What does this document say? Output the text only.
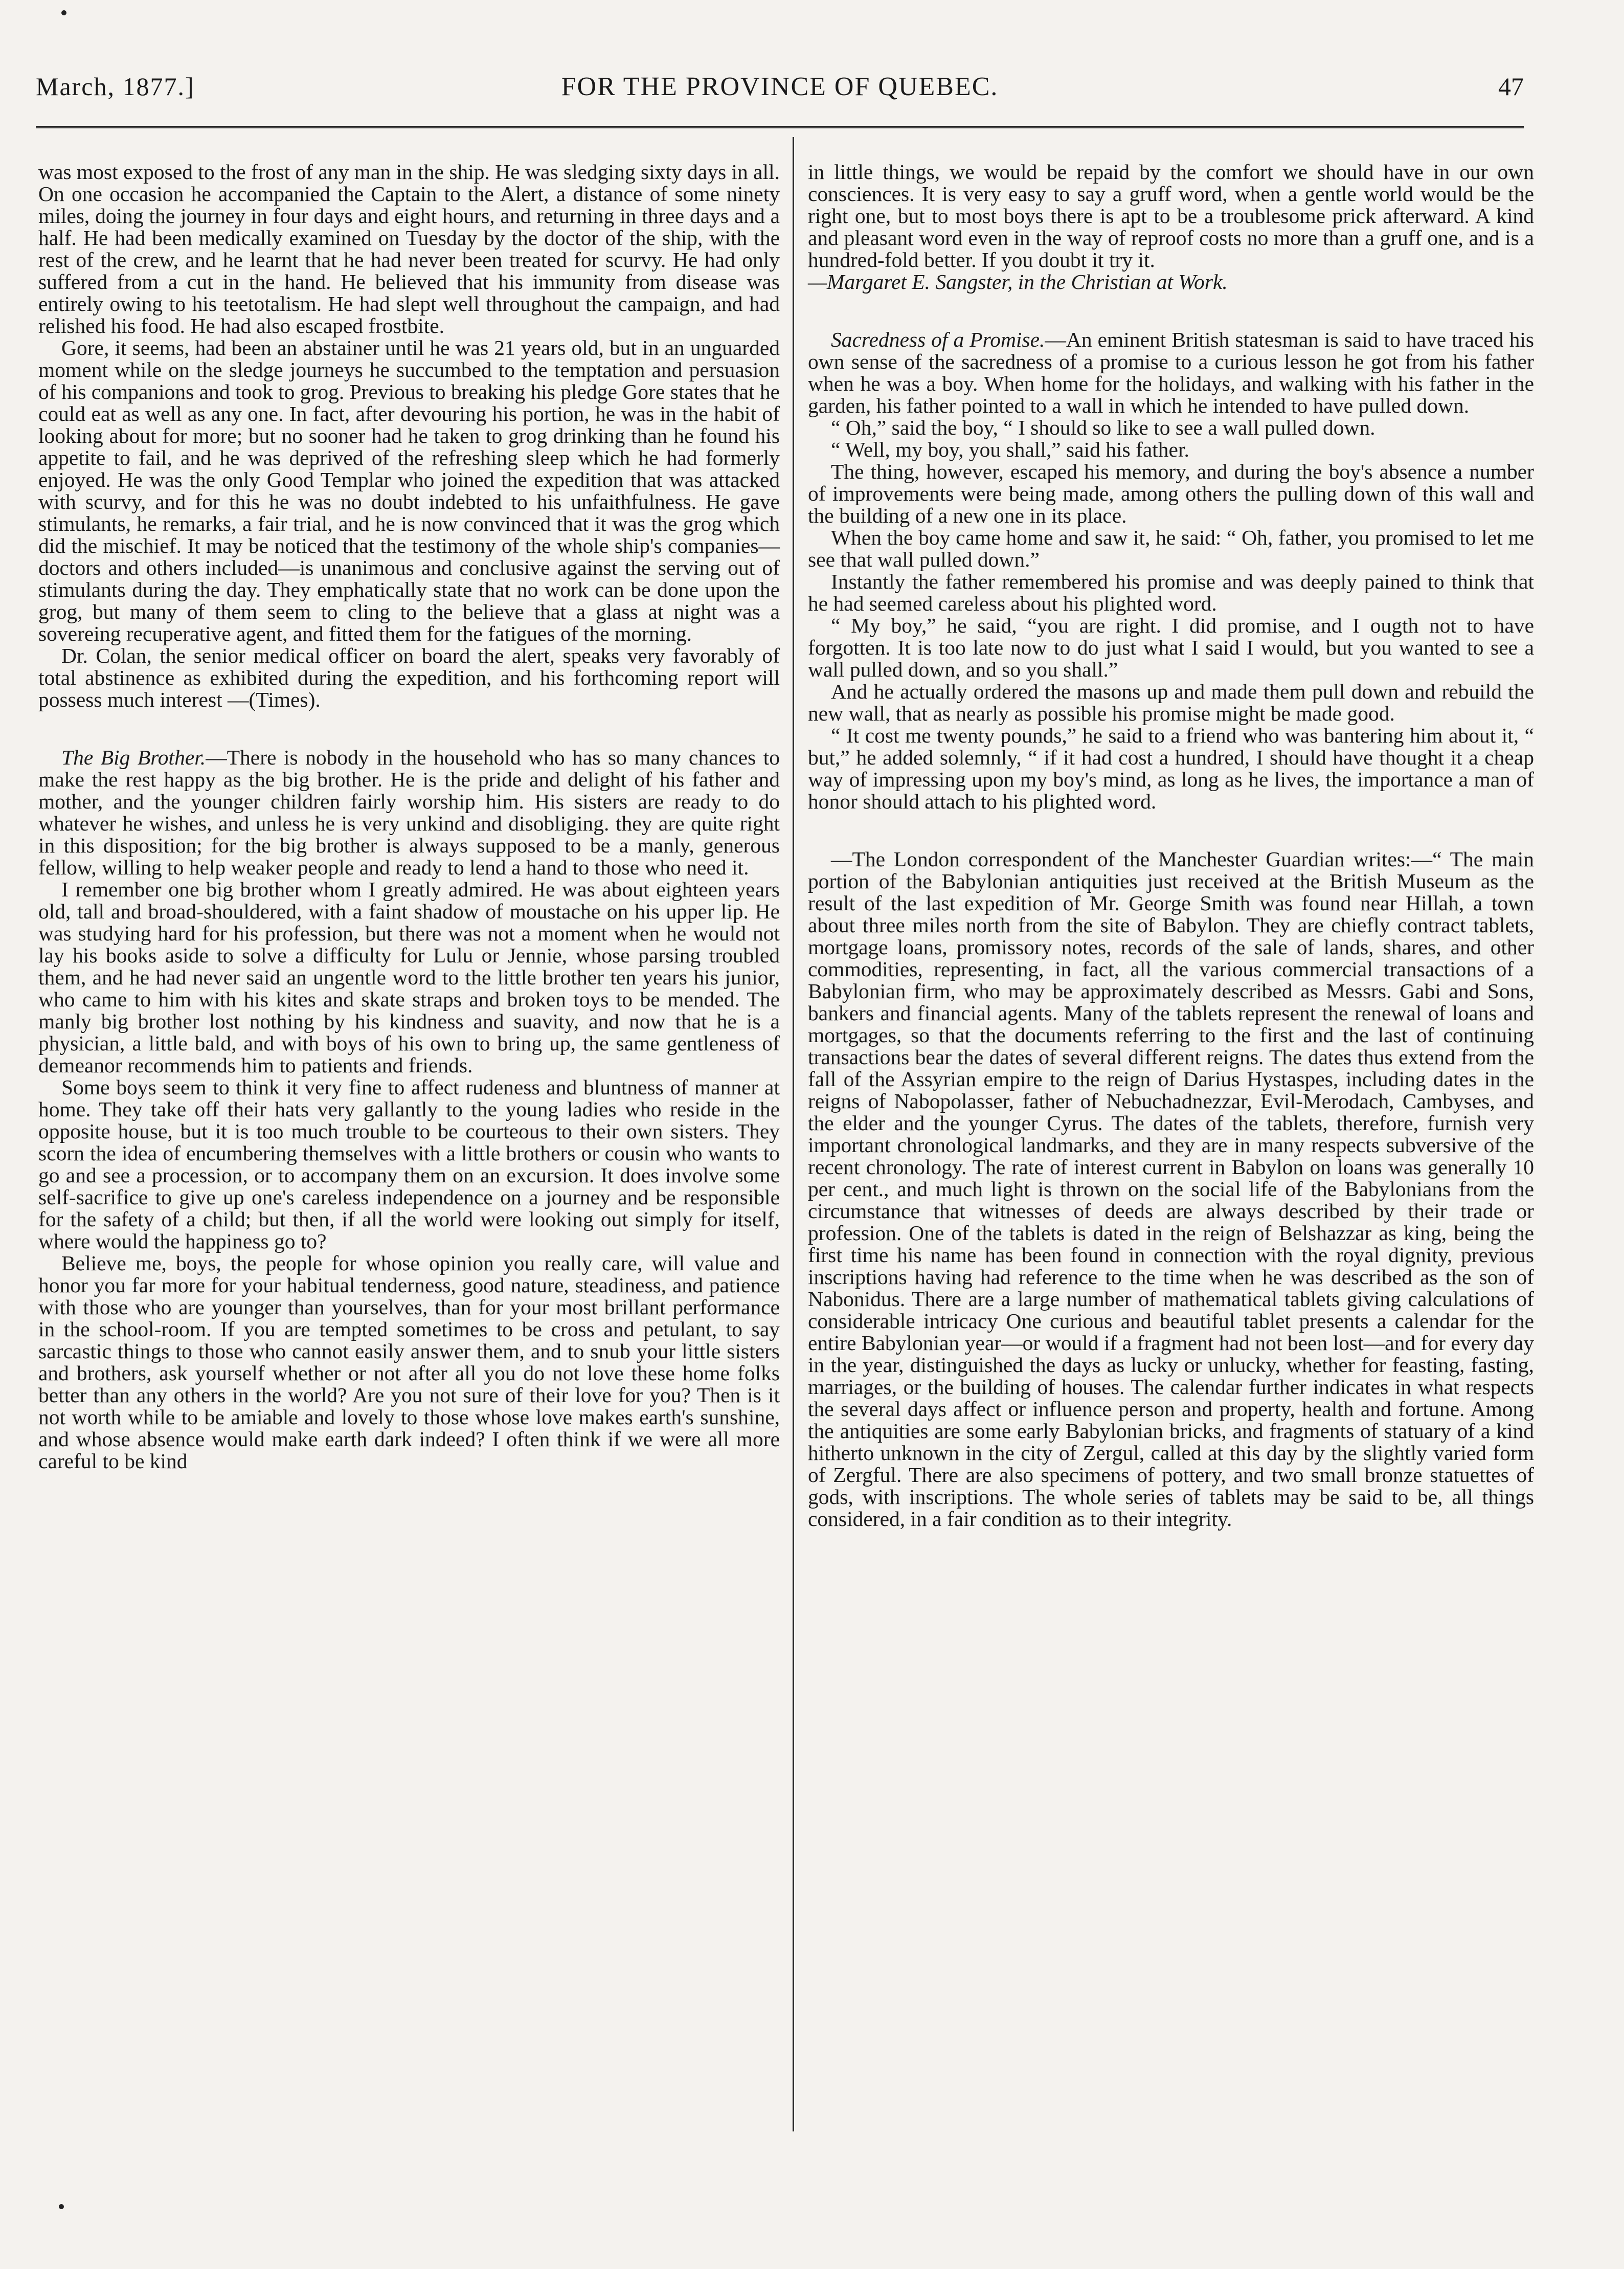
March, 1877.]	FOR THE PROVINCE OF QUEBEC.	47

was most exposed to the frost of any man in the ship. He was sledging sixty days in all. On one occasion he accompanied the Captain to the Alert, a distance of some ninety miles, doing the journey in four days and eight hours, and returning in three days and a half. He had been medically examined on Tuesday by the doctor of the ship, with the rest of the crew, and he learnt that he had never been treated for scurvy. He had only suffered from a cut in the hand. He believed that his immunity from disease was entirely owing to his teetotalism. He had slept well throughout the campaign, and had relished his food. He had also escaped frostbite.

Gore, it seems, had been an abstainer until he was 21 years old, but in an unguarded moment while on the sledge journeys he succumbed to the temptation and persuasion of his companions and took to grog. Previous to breaking his pledge Gore states that he could eat as well as any one. In fact, after devouring his portion, he was in the habit of looking about for more; but no sooner had he taken to grog drinking than he found his appetite to fail, and he was deprived of the refreshing sleep which he had formerly enjoyed. He was the only Good Templar who joined the expedition that was attacked with scurvy, and for this he was no doubt indebted to his unfaithfulness. He gave stimulants, he remarks, a fair trial, and he is now convinced that it was the grog which did the mischief. It may be noticed that the testimony of the whole ship's companies—doctors and others included—is unanimous and conclusive against the serving out of stimulants during the day. They emphatically state that no work can be done upon the grog, but many of them seem to cling to the believe that a glass at night was a sovereing recuperative agent, and fitted them for the fatigues of the morning.

Dr. Colan, the senior medical officer on board the alert, speaks very favorably of total abstinence as exhibited during the expedition, and his forthcoming report will possess much interest —(Times).

The Big Brother.—There is nobody in the household who has so many chances to make the rest happy as the big brother. He is the pride and delight of his father and mother, and the younger children fairly worship him. His sisters are ready to do whatever he wishes, and unless he is very unkind and disobliging. they are quite right in this disposition; for the big brother is always supposed to be a manly, generous fellow, willing to help weaker people and ready to lend a hand to those who need it.

I remember one big brother whom I greatly admired. He was about eighteen years old, tall and broad-shouldered, with a faint shadow of moustache on his upper lip. He was studying hard for his profession, but there was not a moment when he would not lay his books aside to solve a difficulty for Lulu or Jennie, whose parsing troubled them, and he had never said an ungentle word to the little brother ten years his junior, who came to him with his kites and skate straps and broken toys to be mended. The manly big brother lost nothing by his kindness and suavity, and now that he is a physician, a little bald, and with boys of his own to bring up, the same gentleness of demeanor recommends him to patients and friends.

Some boys seem to think it very fine to affect rudeness and bluntness of manner at home. They take off their hats very gallantly to the young ladies who reside in the opposite house, but it is too much trouble to be courteous to their own sisters. They scorn the idea of encumbering themselves with a little brothers or cousin who wants to go and see a procession, or to accompany them on an excursion. It does involve some self-sacrifice to give up one's careless independence on a journey and be responsible for the safety of a child; but then, if all the world were looking out simply for itself, where would the happiness go to?

Believe me, boys, the people for whose opinion you really care, will value and honor you far more for your habitual tenderness, good nature, steadiness, and patience with those who are younger than yourselves, than for your most brillant performance in the school-room. If you are tempted sometimes to be cross and petulant, to say sarcastic things to those who cannot easily answer them, and to snub your little sisters and brothers, ask yourself whether or not after all you do not love these home folks better than any others in the world? Are you not sure of their love for you? Then is it not worth while to be amiable and lovely to those whose love makes earth's sunshine, and whose absence would make earth dark indeed? I often think if we were all more careful to be kind

in little things, we would be repaid by the comfort we should have in our own consciences. It is very easy to say a gruff word, when a gentle world would be the right one, but to most boys there is apt to be a troublesome prick afterward. A kind and pleasant word even in the way of reproof costs no more than a gruff one, and is a hundred-fold better. If you doubt it try it.

—Margaret E. Sangster, in the Christian at Work.

Sacredness of a Promise.—An eminent British statesman is said to have traced his own sense of the sacredness of a promise to a curious lesson he got from his father when he was a boy. When home for the holidays, and walking with his father in the garden, his father pointed to a wall in which he intended to have pulled down.

“ Oh,” said the boy, “ I should so like to see a wall pulled down.

“ Well, my boy, you shall,” said his father.

The thing, however, escaped his memory, and during the boy's absence a number of improvements were being made, among others the pulling down of this wall and the building of a new one in its place.

When the boy came home and saw it, he said: “ Oh, father, you promised to let me see that wall pulled down.”

Instantly the father remembered his promise and was deeply pained to think that he had seemed careless about his plighted word.

“ My boy,” he said, “you are right. I did promise, and I ougth not to have forgotten. It is too late now to do just what I said I would, but you wanted to see a wall pulled down, and so you shall.”

And he actually ordered the masons up and made them pull down and rebuild the new wall, that as nearly as possible his promise might be made good.

“ It cost me twenty pounds,” he said to a friend who was bantering him about it, “ but,” he added solemnly, “ if it had cost a hundred, I should have thought it a cheap way of impressing upon my boy's mind, as long as he lives, the importance a man of honor should attach to his plighted word.

—The London correspondent of the Manchester Guardian writes:—“ The main portion of the Babylonian antiquities just received at the British Museum as the result of the last expedition of Mr. George Smith was found near Hillah, a town about three miles north from the site of Babylon. They are chiefly contract tablets, mortgage loans, promissory notes, records of the sale of lands, shares, and other commodities, representing, in fact, all the various commercial transactions of a Babylonian firm, who may be approximately described as Messrs. Gabi and Sons, bankers and financial agents. Many of the tablets represent the renewal of loans and mortgages, so that the documents referring to the first and the last of continuing transactions bear the dates of several different reigns. The dates thus extend from the fall of the Assyrian empire to the reign of Darius Hystaspes, including dates in the reigns of Nabopolasser, father of Nebuchadnezzar, Evil-Merodach, Cambyses, and the elder and the younger Cyrus. The dates of the tablets, therefore, furnish very important chronological landmarks, and they are in many respects subversive of the recent chronology. The rate of interest current in Babylon on loans was generally 10 per cent., and much light is thrown on the social life of the Babylonians from the circumstance that witnesses of deeds are always described by their trade or profession. One of the tablets is dated in the reign of Belshazzar as king, being the first time his name has been found in connection with the royal dignity, previous inscriptions having had reference to the time when he was described as the son of Nabonidus. There are a large number of mathematical tablets giving calculations of considerable intricacy One curious and beautiful tablet presents a calendar for the entire Babylonian year—or would if a fragment had not been lost—and for every day in the year, distinguished the days as lucky or unlucky, whether for feasting, fasting, marriages, or the building of houses. The calendar further indicates in what respects the several days affect or influence person and property, health and fortune. Among the antiquities are some early Babylonian bricks, and fragments of statuary of a kind hitherto unknown in the city of Zergul, called at this day by the slightly varied form of Zergful. There are also specimens of pottery, and two small bronze statuettes of gods, with inscriptions. The whole series of tablets may be said to be, all things considered, in a fair condition as to their integrity.
